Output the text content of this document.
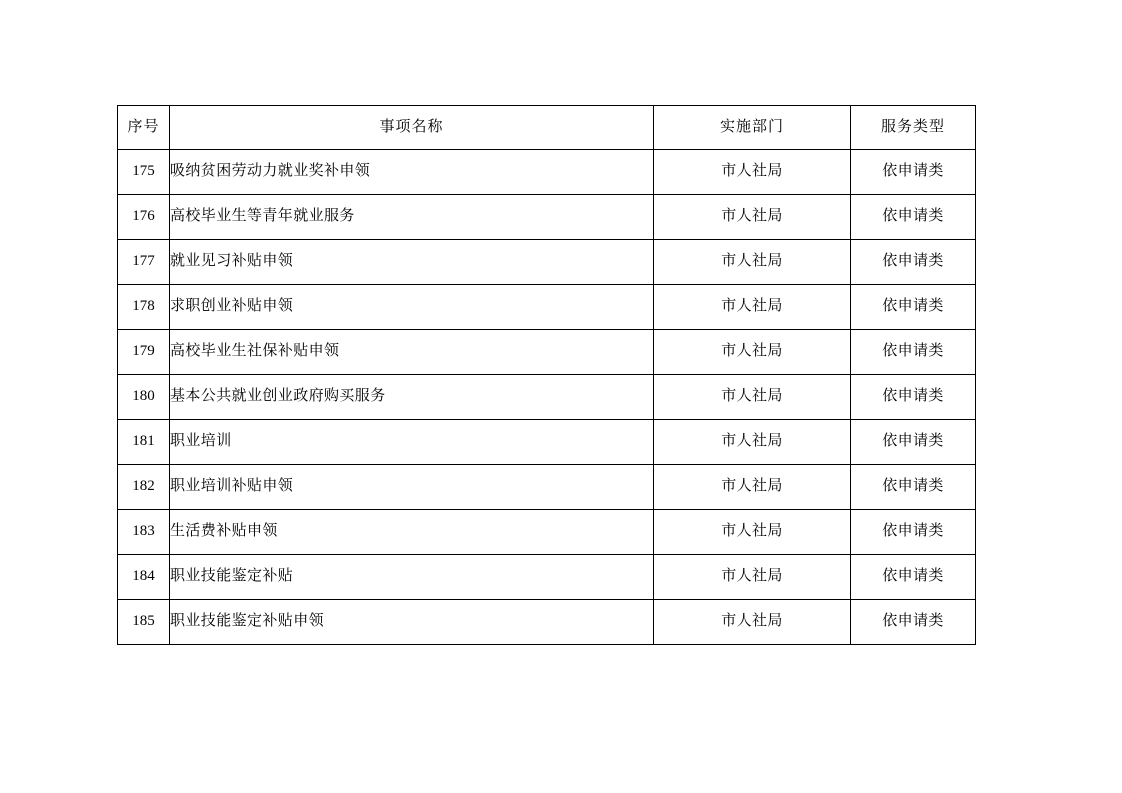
序号	事项名称	实施部门	服务类型
175	吸纳贫困劳动力就业奖补申领	市人社局	依申请类
176	高校毕业生等青年就业服务	市人社局	依申请类
177	就业见习补贴申领	市人社局	依申请类
178	求职创业补贴申领	市人社局	依申请类
179	高校毕业生社保补贴申领	市人社局	依申请类
180	基本公共就业创业政府购买服务	市人社局	依申请类
181	职业培训	市人社局	依申请类
182	职业培训补贴申领	市人社局	依申请类
183	生活费补贴申领	市人社局	依申请类
184	职业技能鉴定补贴	市人社局	依申请类
185	职业技能鉴定补贴申领	市人社局	依申请类
